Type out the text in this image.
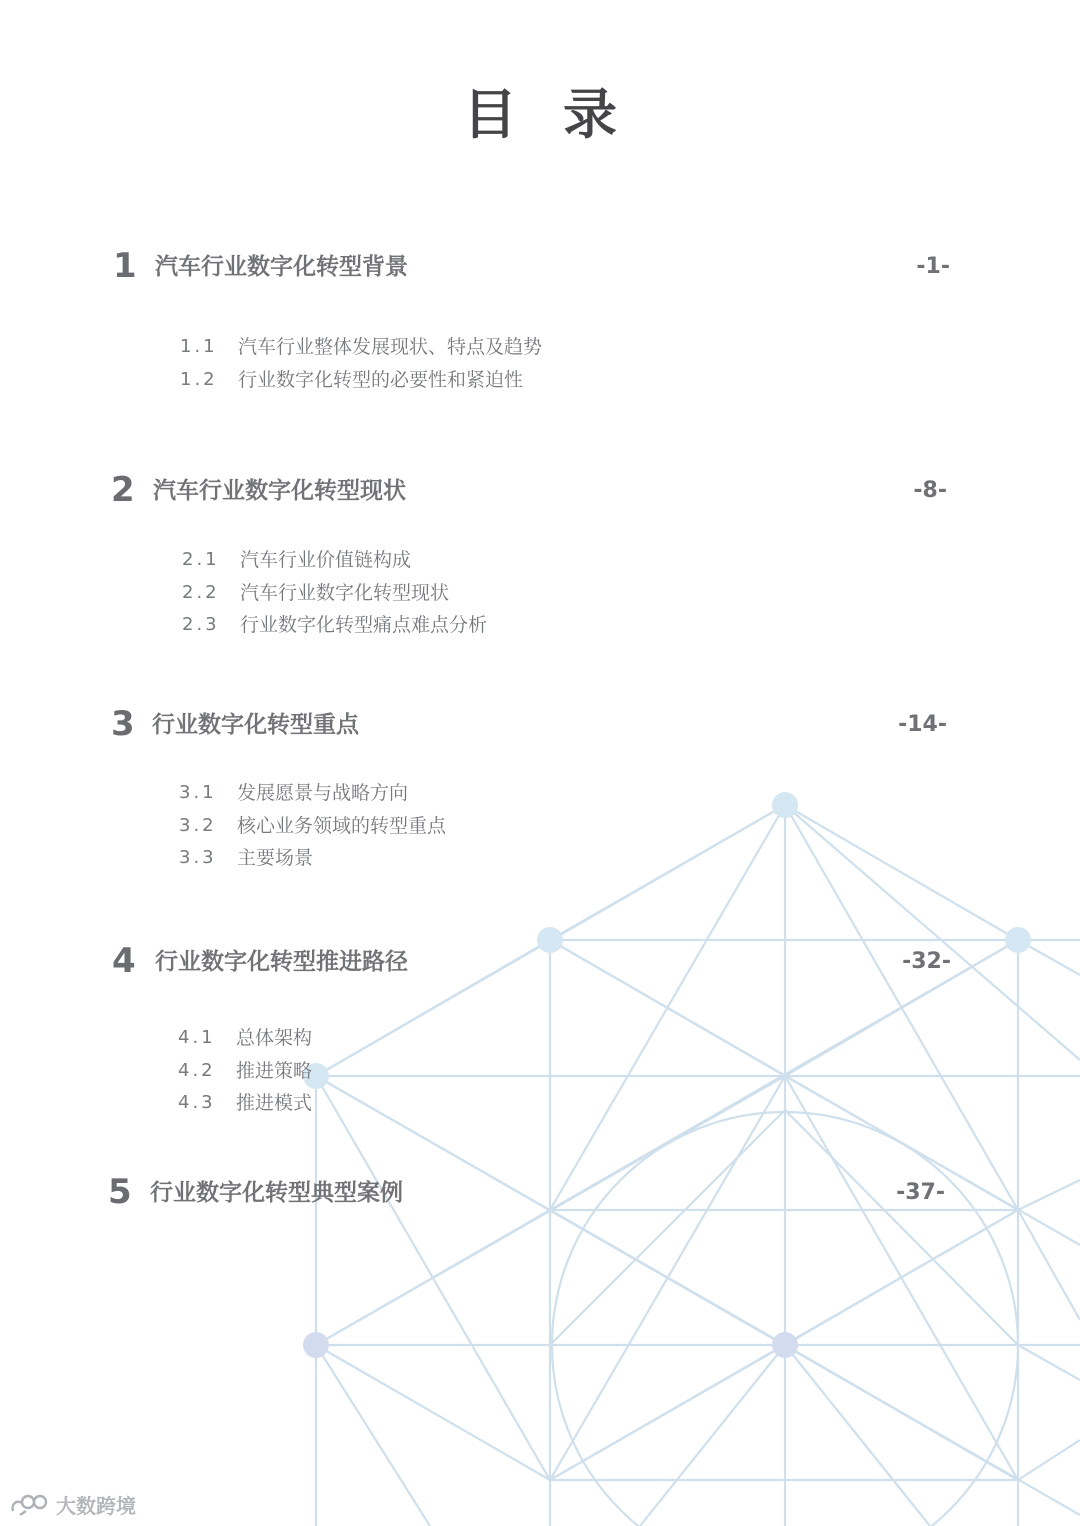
目 录
1 汽车行业数字化转型背景	-1-
1.1 汽车行业整体发展现状、特点及趋势
1.2 行业数字化转型的必要性和紧迫性
2 汽车行业数字化转型现状	-8-
2.1 汽车行业价值链构成
2.2 汽车行业数字化转型现状
2.3 行业数字化转型痛点难点分析
3 行业数字化转型重点	-14-
3.1 发展愿景与战略方向
3.2 核心业务领域的转型重点
3.3 主要场景
4 行业数字化转型推进路径	-32-
4.1 总体架构
4.2 推进策略
4.3 推进模式
5 行业数字化转型典型案例	-37-
大数跨境
